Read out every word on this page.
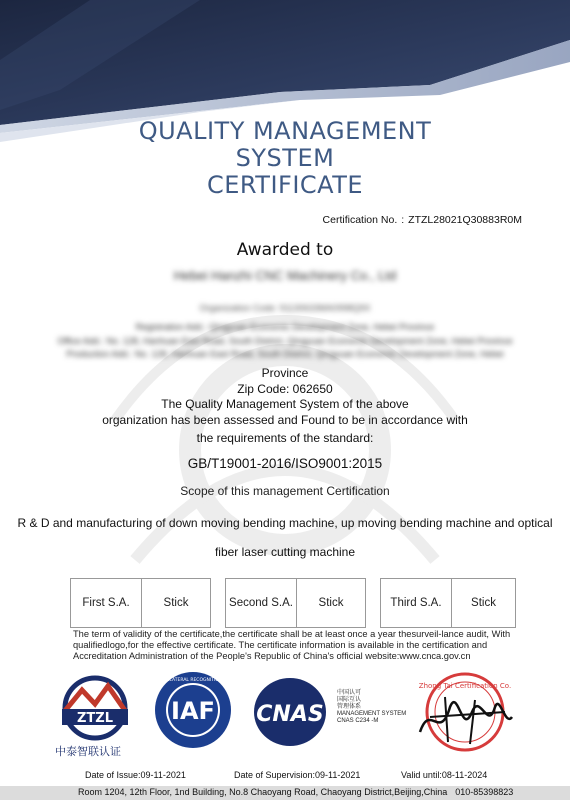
QUALITY MANAGEMENT
SYSTEM
CERTIFICATE
Certification No. : ZTZL28021Q30883R0M
Awarded to
Hebei Hanzhi CNC Machinery Co., Ltd
Organization Code: 91130633MA0998Q9X
Registration Add.: Qingyuan Economic Development Zone, Hebei Province
Office Add.: No. 128, Hanhuan East Road, South District, Qingyuan Economic Development Zone, Hebei Province
Production Add.: No. 128, Hanhuan East Road, South District, Qingyuan Economic Development Zone, Hebei
Province
Zip Code: 062650
The Quality Management System of the above
organization has been assessed and Found to be in accordance with
the requirements of the standard:
GB/T19001-2016/ISO9001:2015
Scope of this management Certification
R & D and manufacturing of down moving bending machine, up moving bending machine and optical
fiber laser cutting machine
First S.A.	Stick	Second S.A.	Stick	Third S.A.	Stick
The term of validity of the certificate,the certificate shall be at least once a year thesurveil-lance audit, With
qualifiedlogo,for the effective certificate. The certificate information is available in the certification and
Accreditation Administration of the People's Republic of China's official website:www.cnca.gov.cn
ZTZL IAF
MEMBER OF MULTILATERAL RECOGNITION ARRANGEMENT
CNAS
Zhong Tai Certification Co.
中泰智联认证
中国认可
国际互认
管理体系
MANAGEMENT SYSTEM
CNAS C234 -M
Date of Issue:09-11-2021	Date of Supervision:09-11-2021	Valid until:08-11-2024
Room 1204, 12th Floor, 1nd Building, No.8 Chaoyang Road, Chaoyang District,Beijing,China 010-85398823
